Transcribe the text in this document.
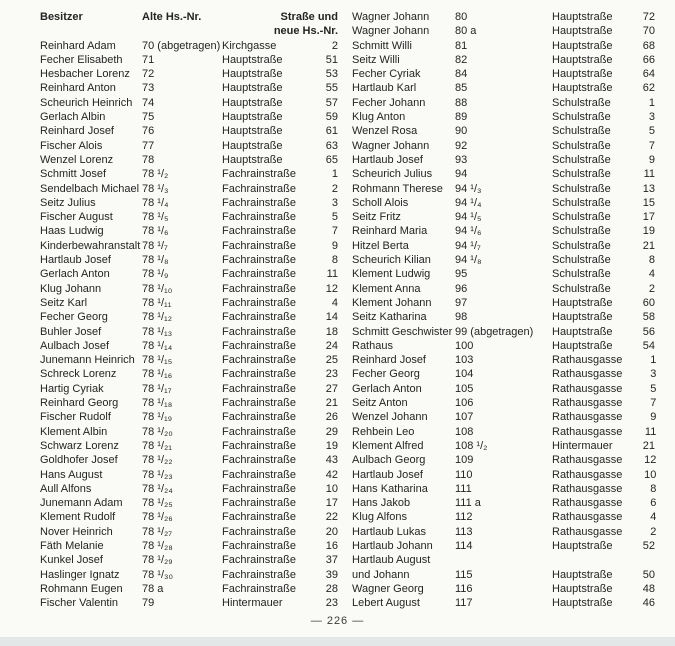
Besitzer	Alte Hs.-Nr.	Straße und
neue Hs.-Nr.
Reinhard Adam	70 (abgetragen) Kirchgasse	2
Fecher Elisabeth	71	Hauptstraße	51
Hesbacher Lorenz	72	Hauptstraße	53
Reinhard Anton	73	Hauptstraße	55
Scheurich Heinrich 74	Hauptstraße	57
Gerlach Albin	75	Hauptstraße	59
Reinhard Josef	76	Hauptstraße	61
Fischer Alois	77	Hauptstraße	63
Wenzel Lorenz	78	Hauptstraße	65
Schmitt Josef	78 ¹/₂	Fachrainstraße	1
Sendelbach Michael 78 ¹/₃	Fachrainstraße	2
Seitz Julius	78 ¹/₄	Fachrainstraße	3
Fischer August	78 ¹/₅	Fachrainstraße	5
Haas Ludwig	78 ¹/₆	Fachrainstraße	7
Kinderbewahranstalt 78 ¹/₇	Fachrainstraße	9
Hartlaub Josef	78 ¹/₈	Fachrainstraße	8
Gerlach Anton	78 ¹/₉	Fachrainstraße	11
Klug Johann	78 ¹/₁₀	Fachrainstraße	12
Seitz Karl	78 ¹/₁₁	Fachrainstraße	4
Fecher Georg	78 ¹/₁₂	Fachrainstraße	14
Buhler Josef	78 ¹/₁₃	Fachrainstraße	18
Aulbach Josef	78 ¹/₁₄	Fachrainstraße	24
Junemann Heinrich 78 ¹/₁₅	Fachrainstraße	25
Schreck Lorenz	78 ¹/₁₆	Fachrainstraße	23
Hartig Cyriak	78 ¹/₁₇	Fachrainstraße	27
Reinhard Georg	78 ¹/₁₈	Fachrainstraße	21
Fischer Rudolf	78 ¹/₁₉	Fachrainstraße	26
Klement Albin	78 ¹/₂₀	Fachrainstraße	29
Schwarz Lorenz	78 ¹/₂₁	Fachrainstraße	19
Goldhofer Josef	78 ¹/₂₂	Fachrainstraße	43
Hans August	78 ¹/₂₃	Fachrainstraße	42
Aull Alfons	78 ¹/₂₄	Fachrainstraße	10
Junemann Adam	78 ¹/₂₅	Fachrainstraße	17
Klement Rudolf	78 ¹/₂₆	Fachrainstraße	22
Nover Heinrich	78 ¹/₂₇	Fachrainstraße	20
Fäth Melanie	78 ¹/₂₈	Fachrainstraße	16
Kunkel Josef	78 ¹/₂₉	Fachrainstraße	37
Haslinger Ignatz	78 ¹/₃₀	Fachrainstraße	39
Rohmann Eugen	78 a	Fachrainstraße	28
Fischer Valentin	79	Hintermauer	23
Wagner Johann	80	Hauptstraße	72
Wagner Johann	80 a	Hauptstraße	70
Schmitt Willi	81	Hauptstraße	68
Seitz Willi	82	Hauptstraße	66
Fecher Cyriak	84	Hauptstraße	64
Hartlaub Karl	85	Hauptstraße	62
Fecher Johann	88	Schulstraße	1
Klug Anton	89	Schulstraße	3
Wenzel Rosa	90	Schulstraße	5
Wagner Johann	92	Schulstraße	7
Hartlaub Josef	93	Schulstraße	9
Scheurich Julius	94	Schulstraße	11
Rohmann Therese	94 ¹/₃	Schulstraße	13
Scholl Alois	94 ¹/₄	Schulstraße	15
Seitz Fritz	94 ¹/₅	Schulstraße	17
Reinhard Maria	94 ¹/₆	Schulstraße	19
Hitzel Berta	94 ¹/₇	Schulstraße	21
Scheurich Kilian	94 ¹/₈	Schulstraße	8
Klement Ludwig	95	Schulstraße	4
Klement Anna	96	Schulstraße	2
Klement Johann	97	Hauptstraße	60
Seitz Katharina	98	Hauptstraße	58
Schmitt Geschwister 99 (abgetragen)	Hauptstraße	56
Rathaus	100	Hauptstraße	54
Reinhard Josef	103	Rathausgasse	1
Fecher Georg	104	Rathausgasse	3
Gerlach Anton	105	Rathausgasse	5
Seitz Anton	106	Rathausgasse	7
Wenzel Johann	107	Rathausgasse	9
Rehbein Leo	108	Rathausgasse	11
Klement Alfred	108 ¹/₂	Hintermauer	21
Aulbach Georg	109	Rathausgasse	12
Hartlaub Josef	110	Rathausgasse	10
Hans Katharina	111	Rathausgasse	8
Hans Jakob	111 a	Rathausgasse	6
Klug Alfons	112	Rathausgasse	4
Hartlaub Lukas	113	Rathausgasse	2
Hartlaub Johann	114	Hauptstraße	52
Hartlaub August
und Johann	115	Hauptstraße	50
Wagner Georg	116	Hauptstraße	48
Lebert August	117	Hauptstraße	46
— 226 —
